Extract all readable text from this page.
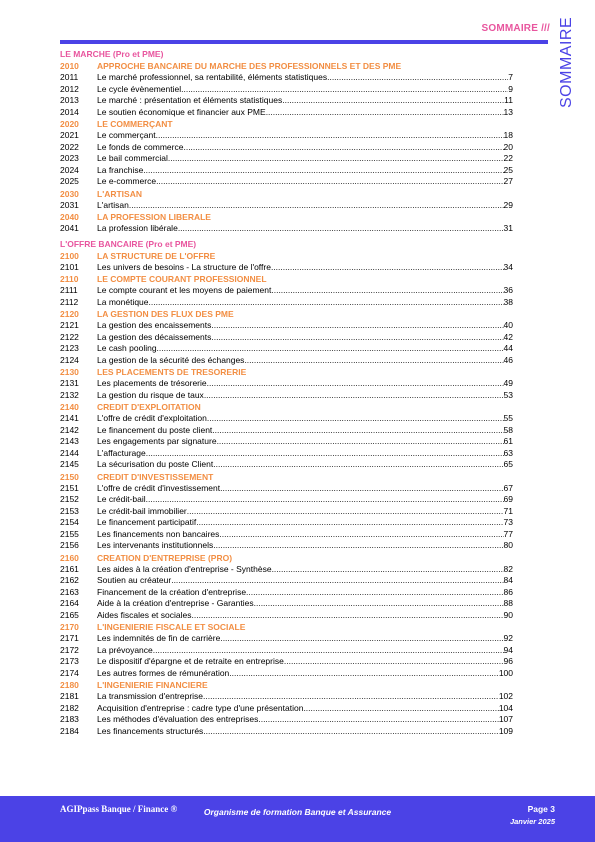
SOMMAIRE /// SOMMAIRE
LE MARCHE (Pro et PME)
2010	APPROCHE BANCAIRE DU MARCHE DES PROFESSIONNELS ET DES PME
2011	Le marché professionnel, sa rentabilité, éléments statistiques .....	7
2012	Le cycle évènementiel .....	9
2013	Le marché : présentation et éléments statistiques .....	11
2014	Le soutien économique et financier aux PME .....	13
2020	LE COMMERÇANT
2021	Le commerçant .....	18
2022	Le fonds de commerce .....	20
2023	Le bail commercial .....	22
2024	La franchise .....	25
2025	Le e-commerce .....	27
2030	L'ARTISAN
2031	L'artisan .....	29
2040	LA PROFESSION LIBERALE
2041	La profession libérale .....	31
L'OFFRE BANCAIRE (Pro et PME)
2100	LA STRUCTURE DE L'OFFRE
2101	Les univers de besoins - La structure de l'offre .....	34
2110	LE COMPTE COURANT PROFESSIONNEL
2111	Le compte courant et les moyens de paiement .....	36
2112	La monétique .....	38
2120	LA GESTION DES FLUX DES PME
2121	La gestion des encaissements .....	40
2122	La gestion des décaissements .....	42
2123	Le cash pooling .....	44
2124	La gestion de la sécurité des échanges .....	46
2130	LES PLACEMENTS DE TRESORERIE
2131	Les placements de trésorerie .....	49
2132	La gestion du risque de taux .....	53
2140	CREDIT D'EXPLOITATION
2141	L'offre de crédit d'exploitation .....	55
2142	Le financement du poste client .....	58
2143	Les engagements par signature .....	61
2144	L'affacturage .....	63
2145	La sécurisation du poste Client .....	65
2150	CREDIT D'INVESTISSEMENT
2151	L'offre de crédit d'investissement .....	67
2152	Le crédit-bail .....	69
2153	Le crédit-bail immobilier .....	71
2154	Le financement participatif .....	73
2155	Les financements non bancaires .....	77
2156	Les intervenants institutionnels .....	80
2160	CREATION D'ENTREPRISE (PRO)
2161	Les aides à la création d'entreprise - Synthèse .....	82
2162	Soutien au créateur .....	84
2163	Financement de la création d'entreprise .....	86
2164	Aide à la création d'entreprise - Garanties .....	88
2165	Aides fiscales et sociales .....	90
2170	L'INGENIERIE FISCALE ET SOCIALE
2171	Les indemnités de fin de carrière .....	92
2172	La prévoyance .....	94
2173	Le dispositif d'épargne et de retraite en entreprise .....	96
2174	Les autres formes de rémunération .....	100
2180	L'INGENIERIE FINANCIERE
2181	La transmission d'entreprise .....	102
2182	Acquisition d'entreprise : cadre type d'une présentation .....	104
2183	Les méthodes d'évaluation des entreprises .....	107
2184	Les financements structurés .....	109
AGIPpass Banque / Finance ®	Organisme de formation Banque et Assurance	Page 3
Janvier 2025
